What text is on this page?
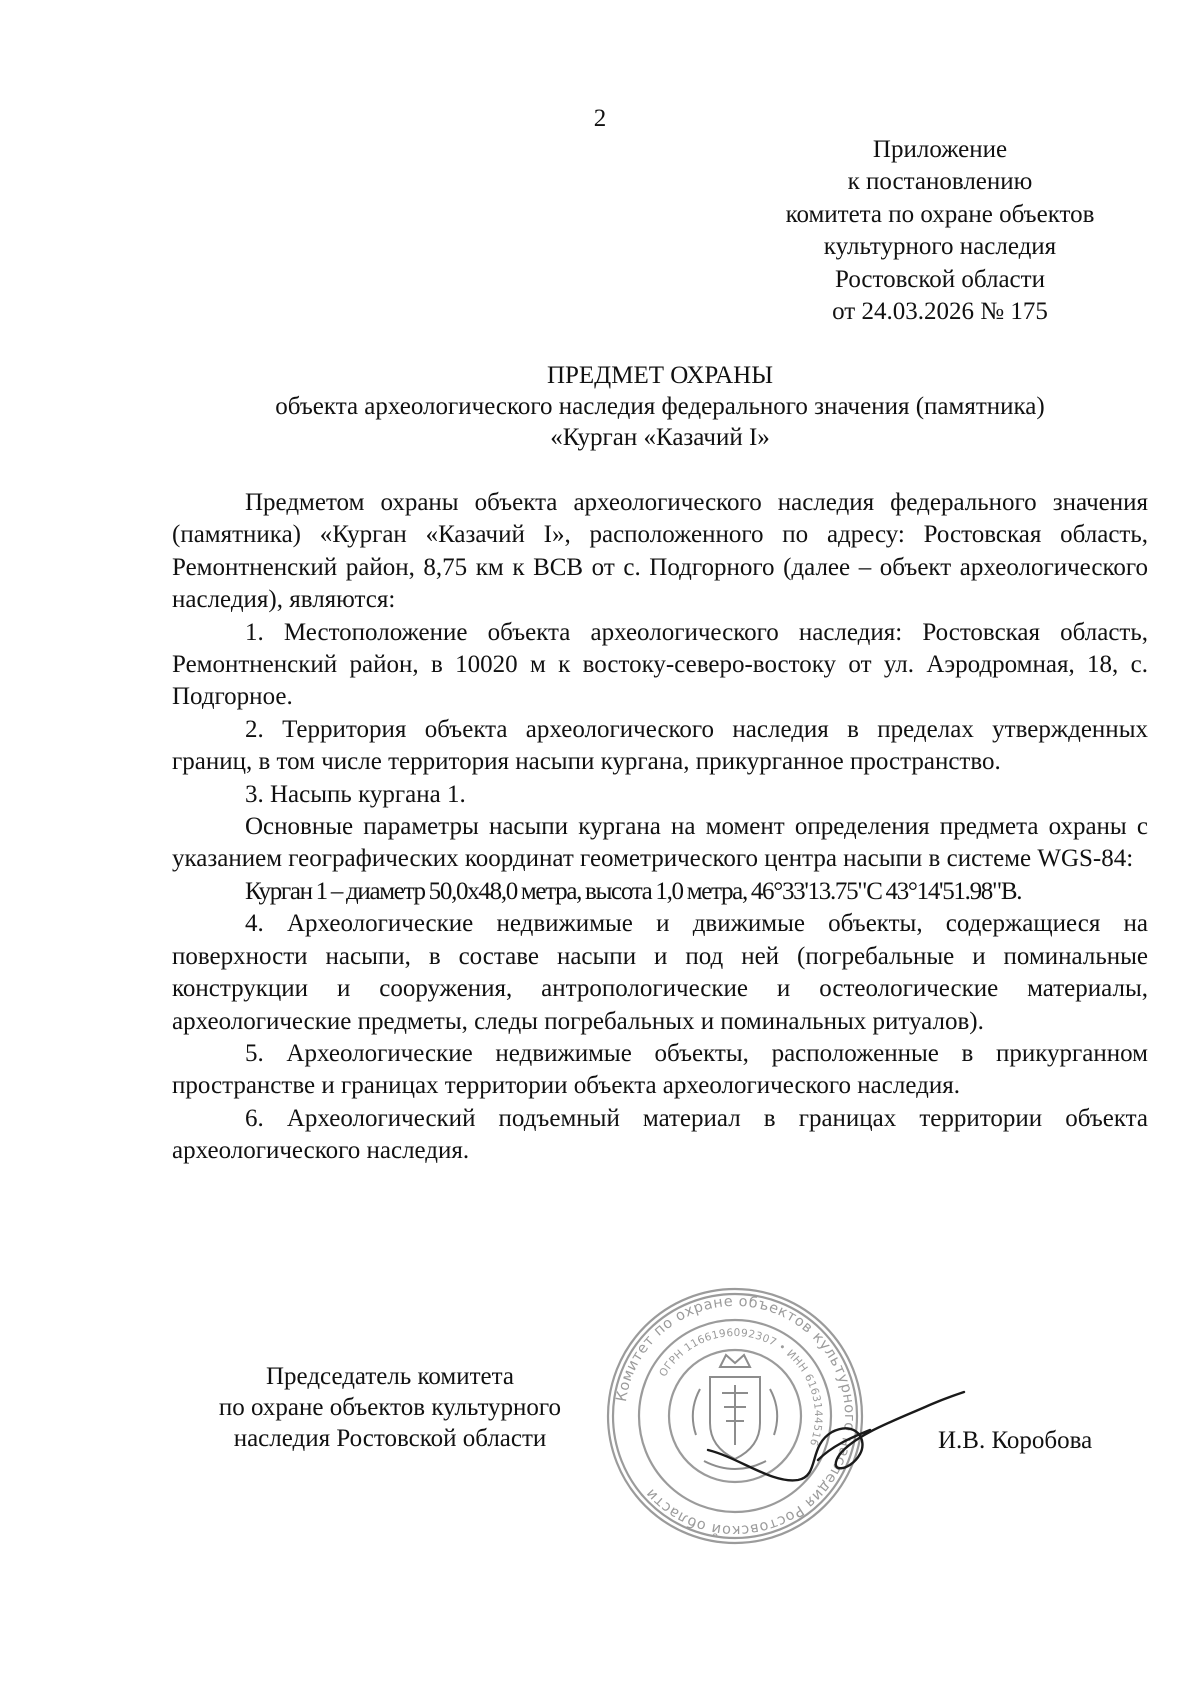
2
Приложение
к постановлению
комитета по охране объектов
культурного наследия
Ростовской области
от 24.03.2026 № 175
ПРЕДМЕТ ОХРАНЫ
объекта археологического наследия федерального значения (памятника)
«Курган «Казачий I»

Предметом охраны объекта археологического наследия федерального значения (памятника) «Курган «Казачий I», расположенного по адресу: Ростовская область, Ремонтненский район, 8,75 км к ВСВ от с. Подгорного (далее – объект археологического наследия), являются:

1. Местоположение объекта археологического наследия: Ростовская область, Ремонтненский район, в 10020 м к востоку-северо-востоку от ул. Аэродромная, 18, с. Подгорное.

2. Территория объекта археологического наследия в пределах утвержденных границ, в том числе территория насыпи кургана, прикурганное пространство.

3. Насыпь кургана 1.

Основные параметры насыпи кургана на момент определения предмета охраны с указанием географических координат геометрического центра насыпи в системе WGS-84:

Курган 1 – диаметр 50,0х48,0 метра, высота 1,0 метра, 46°33'13.75"С 43°14'51.98"В.

4. Археологические недвижимые и движимые объекты, содержащиеся на поверхности насыпи, в составе насыпи и под ней (погребальные и поминальные конструкции и сооружения, антропологические и остеологические материалы, археологические предметы, следы погребальных и поминальных ритуалов).

5. Археологические недвижимые объекты, расположенные в прикурганном пространстве и границах территории объекта археологического наследия.

6. Археологический подъемный материал в границах территории объекта археологического наследия.

Председатель комитета
по охране объектов культурного
наследия Ростовской области
Комитет по охране объектов культурного наследия Ростовской области
ОГРН 1166196092307 • ИНН 6163144516	И.В. Коробова
